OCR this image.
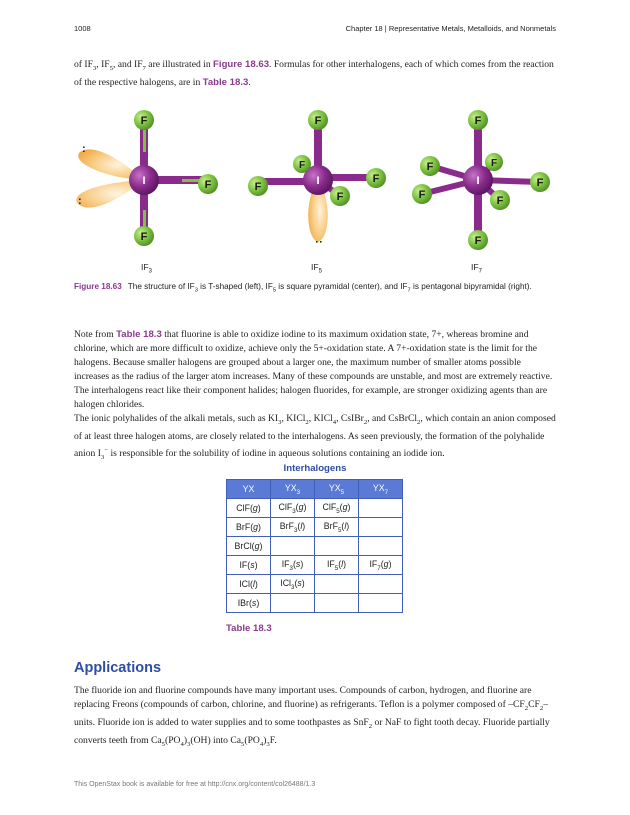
1008	Chapter 18 | Representative Metals, Metalloids, and Nonmetals

of $IF_3$, $IF_5$, and $IF_7$ are illustrated in Figure 18.63. Formulas for other interhalogens, each of which comes from the reaction of the respective halogens, are in Table 18.3.

I
F
F
F
:
:
I
F
F
F
F
F
:
I
F
F
F	F
F
F
F
$IF_3$	$IF_5$	$IF_7$
Figure 18.63 The structure of $IF_3$ is T-shaped (left), $IF_5$ is square pyramidal (center), and $IF_7$ is pentagonal bipyramidal (right).

Note from Table 18.3 that fluorine is able to oxidize iodine to its maximum oxidation state, 7+, whereas bromine and chlorine, which are more difficult to oxidize, achieve only the 5+-oxidation state. A 7+-oxidation state is the limit for the halogens. Because smaller halogens are grouped about a larger one, the maximum number of smaller atoms possible increases as the radius of the larger atom increases. Many of these compounds are unstable, and most are extremely reactive. The interhalogens react like their component halides; halogen fluorides, for example, are stronger oxidizing agents than are halogen chlorides.

The ionic polyhalides of the alkali metals, such as $KI_3$, KICl$_2$, KICl$_4$, CsIBr$_2$, and CsBrCl$_2$, which contain an anion composed of at least three halogen atoms, are closely related to the interhalogens. As seen previously, the formation of the polyhalide anion $I_3^-$ is responsible for the solubility of iodine in aqueous solutions containing an iodide ion.

Interhalogens
YX	$YX_3$	$YX_5$	$YX_7$
ClF(g)	ClF$_3$(g)	ClF$_5$(g)	
BrF(g)	BrF$_3$(l)	BrF$_5$(l)	
BrCl(g)			
IF(s)	$IF_3(s)$	$IF_5(l)$	$IF_7(g)$
ICl(l)	ICl$_3$(s)		
IBr(s)			
Table 18.3
Applications

The fluoride ion and fluorine compounds have many important uses. Compounds of carbon, hydrogen, and fluorine are replacing Freons (compounds of carbon, chlorine, and fluorine) as refrigerants. Teflon is a polymer composed of $-CF_2CF_2-$ units. Fluoride ion is added to water supplies and to some toothpastes as SnF$_2$ or NaF to fight tooth decay. Fluoride partially converts teeth from $Ca_5(PO_4)_3(OH)$ into $Ca_5(PO_4)_3F$.

This OpenStax book is available for free at http://cnx.org/content/col26488/1.3
